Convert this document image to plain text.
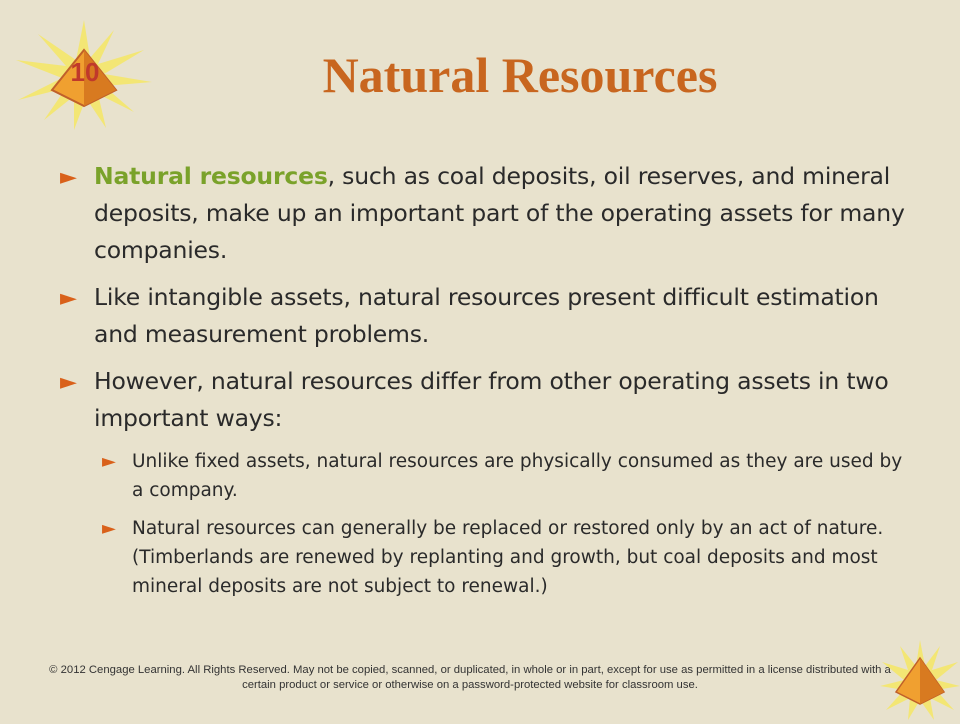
10	Natural Resources
► Natural resources, such as coal deposits, oil reserves, and mineral deposits, make up an important part of the operating assets for many companies.
► Like intangible assets, natural resources present difficult estimation and measurement problems.
► However, natural resources differ from other operating assets in two important ways:
► Unlike fixed assets, natural resources are physically consumed as they are used by a company.
► Natural resources can generally be replaced or restored only by an act of nature. (Timberlands are renewed by replanting and growth, but coal deposits and most mineral deposits are not subject to renewal.)
© 2012 Cengage Learning. All Rights Reserved. May not be copied, scanned, or duplicated, in whole or in part, except for use as permitted in a license distributed with a certain product or service or otherwise on a password-protected website for classroom use.
